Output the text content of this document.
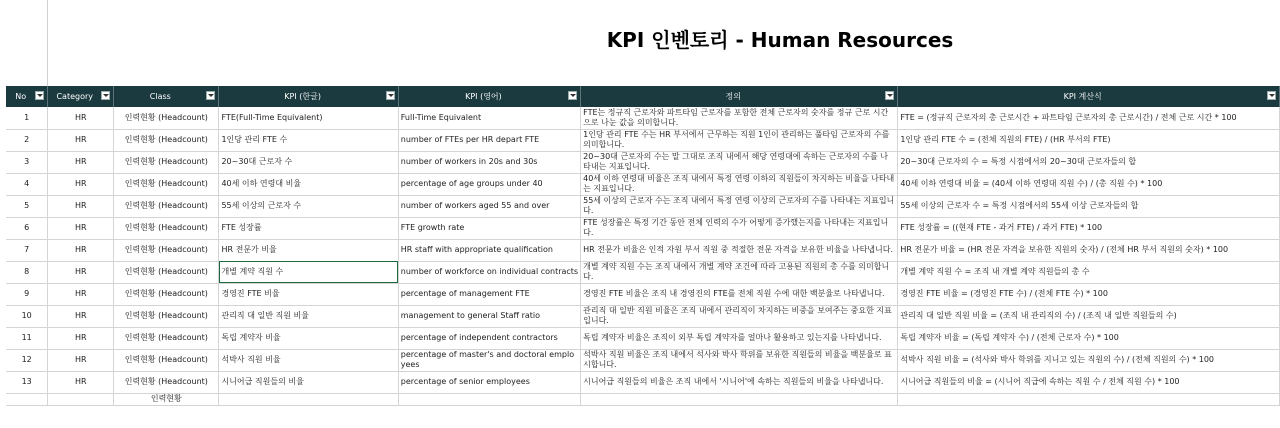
KPI 인벤토리 - Human Resources
No	Category	Class	KPI (한글)	KPI (영어)	정의	KPI 계산식

1	HR	인력현황 (Headcount)	FTE(Full-Time Equivalent)	Full-Time Equivalent	FTE는 정규직 근로자와 파트타임 근로자를 포함한 전체 근로자의 숫자를 정규 근로 시간으로 나눈 값을 의미합니다.	FTE = (정규직 근로자의 총 근로시간 + 파트타임 근로자의 총 근로시간) / 전체 근로 시간 * 100
2	HR	인력현황 (Headcount)	1인당 관리 FTE 수	number of FTEs per HR depart FTE	1인당 관리 FTE 수는 HR 부서에서 근무하는 직원 1인이 관리하는 풀타임 근로자의 수를 의미합니다.	1인당 관리 FTE 수 = (전체 직원의 FTE) / (HR 부서의 FTE)
3	HR	인력현황 (Headcount)	20~30대 근로자 수	number of workers in 20s and 30s	20~30대 근로자의 수는 말 그대로 조직 내에서 해당 연령대에 속하는 근로자의 수를 나타내는 지표입니다.	20~30대 근로자의 수 = 특정 시점에서의 20~30대 근로자들의 합
4	HR	인력현황 (Headcount)	40세 이하 연령대 비율	percentage of age groups under 40	40세 이하 연령대 비율은 조직 내에서 특정 연령 이하의 직원들이 차지하는 비율을 나타내는 지표입니다.	40세 이하 연령대 비율 = (40세 이하 연령대 직원 수) / (총 직원 수) * 100
5	HR	인력현황 (Headcount)	55세 이상의 근로자 수	number of workers aged 55 and over	55세 이상의 근로자 수는 조직 내에서 특정 연령 이상의 근로자의 수를 나타내는 지표입니다.	55세 이상의 근로자 수 = 특정 시점에서의 55세 이상 근로자들의 합
6	HR	인력현황 (Headcount)	FTE 성장률	FTE growth rate	FTE 성장률은 특정 기간 동안 전체 인력의 수가 어떻게 증가했는지를 나타내는 지표입니다.	FTE 성장률 = ((현재 FTE - 과거 FTE) / 과거 FTE) * 100
7	HR	인력현황 (Headcount)	HR 전문가 비율	HR staff with appropriate qualification	HR 전문가 비율은 인적 자원 부서 직원 중 적절한 전문 자격을 보유한 비율을 나타냅니다.	HR 전문가 비율 = (HR 전문 자격을 보유한 직원의 숫자) / (전체 HR 부서 직원의 숫자) * 100
8	HR	인력현황 (Headcount)	개별 계약 직원 수	number of workforce on individual contracts	개별 계약 직원 수는 조직 내에서 개별 계약 조건에 따라 고용된 직원의 총 수를 의미합니다.	개별 계약 직원 수 = 조직 내 개별 계약 직원들의 총 수
9	HR	인력현황 (Headcount)	경영진 FTE 비율	percentage of management FTE	경영진 FTE 비율은 조직 내 경영진의 FTE를 전체 직원 수에 대한 백분율로 나타냅니다.	경영진 FTE 비율 = (경영진 FTE 수) / (전체 FTE 수) * 100
10	HR	인력현황 (Headcount)	관리직 대 일반 직원 비율	management to general Staff ratio	관리직 대 일반 직원 비율은 조직 내에서 관리직이 차지하는 비중을 보여주는 중요한 지표입니다.	관리직 대 일반 직원 비율 = (조직 내 관리직의 수) / (조직 내 일반 직원들의 수)
11	HR	인력현황 (Headcount)	독립 계약자 비율	percentage of independent contractors	독립 계약자 비율은 조직이 외부 독립 계약자를 얼마나 활용하고 있는지를 나타냅니다.	독립 계약자 비율 = (독립 계약자 수) / (전체 근로자 수) * 100
12	HR	인력현황 (Headcount)	석박사 직원 비율	percentage of master's and doctoral employees	석박사 직원 비율은 조직 내에서 석사와 박사 학위를 보유한 직원들의 비율을 백분율로 표시합니다.	석박사 직원 비율 = (석사와 박사 학위를 지니고 있는 직원의 수) / (전체 직원의 수) * 100
13	HR	인력현황 (Headcount)	시니어급 직원들의 비율	percentage of senior employees	시니어급 직원들의 비율은 조직 내에서 '시니어'에 속하는 직원들의 비율을 나타냅니다.	시니어급 직원들의 비율 = (시니어 직급에 속하는 직원 수 / 전체 직원 수) * 100
		인력현황				
